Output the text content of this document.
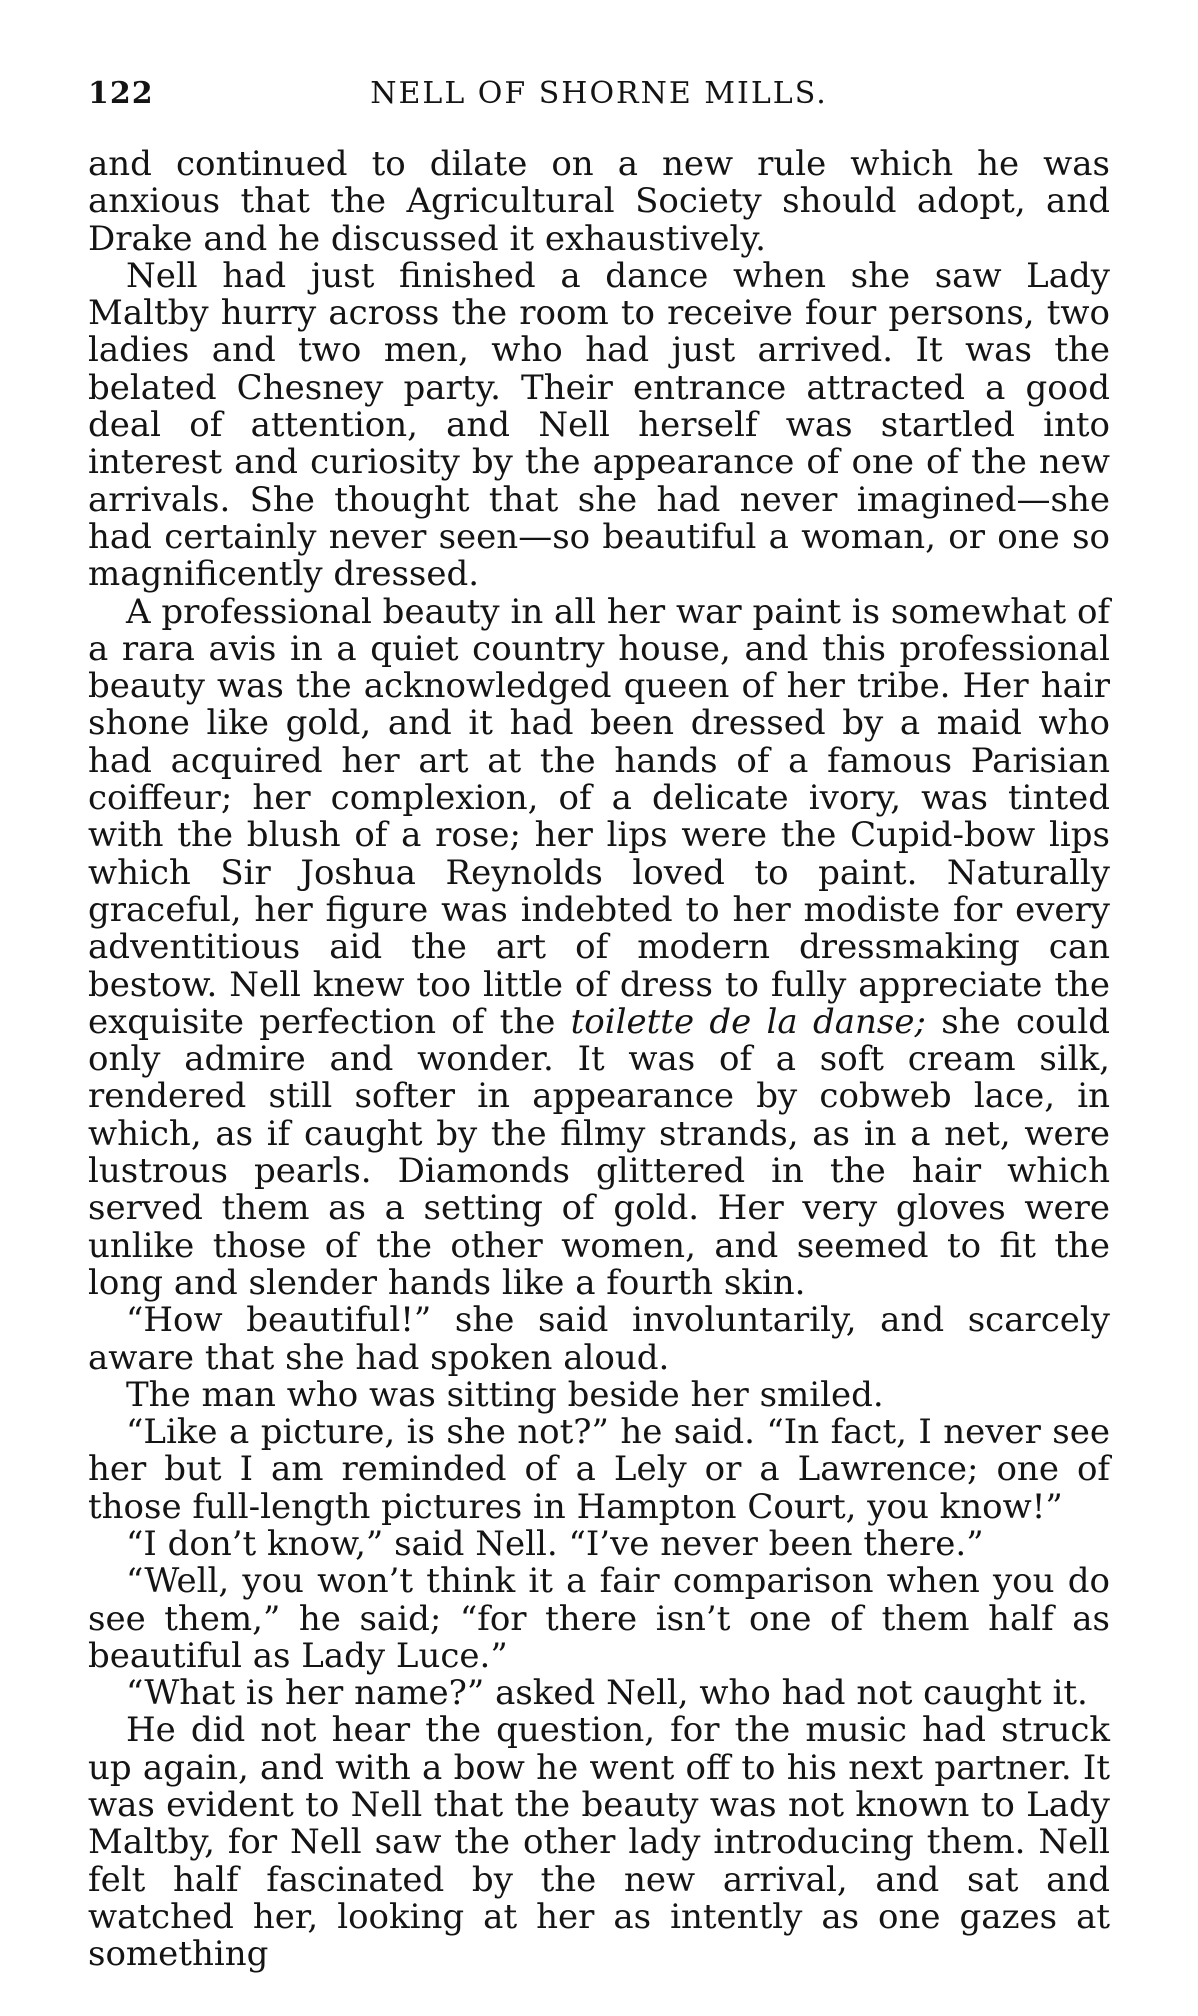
122	NELL OF SHORNE MILLS.

and continued to dilate on a new rule which he was anxious that the Agricultural Society should adopt, and Drake and he discussed it exhaustively.

Nell had just finished a dance when she saw Lady Maltby hurry across the room to receive four persons, two ladies and two men, who had just arrived. It was the belated Chesney party. Their entrance attracted a good deal of attention, and Nell herself was startled into interest and curiosity by the appearance of one of the new arrivals. She thought that she had never imagined—she had certainly never seen—so beautiful a woman, or one so magnificently dressed.

A professional beauty in all her war paint is somewhat of a rara avis in a quiet country house, and this professional beauty was the acknowledged queen of her tribe. Her hair shone like gold, and it had been dressed by a maid who had acquired her art at the hands of a famous Parisian coiffeur; her complexion, of a delicate ivory, was tinted with the blush of a rose; her lips were the Cupid-bow lips which Sir Joshua Reynolds loved to paint. Naturally graceful, her figure was indebted to her modiste for every adventitious aid the art of modern dressmaking can bestow. Nell knew too little of dress to fully appreciate the exquisite perfection of the toilette de la danse; she could only admire and wonder. It was of a soft cream silk, rendered still softer in appearance by cobweb lace, in which, as if caught by the filmy strands, as in a net, were lustrous pearls. Diamonds glittered in the hair which served them as a setting of gold. Her very gloves were unlike those of the other women, and seemed to fit the long and slender hands like a fourth skin.

“How beautiful!” she said involuntarily, and scarcely aware that she had spoken aloud.

The man who was sitting beside her smiled.

“Like a picture, is she not?” he said. “In fact, I never see her but I am reminded of a Lely or a Lawrence; one of those full-length pictures in Hampton Court, you know!”

“I don’t know,” said Nell. “I’ve never been there.”

“Well, you won’t think it a fair comparison when you do see them,” he said; “for there isn’t one of them half as beautiful as Lady Luce.”

“What is her name?” asked Nell, who had not caught it.

He did not hear the question, for the music had struck up again, and with a bow he went off to his next partner. It was evident to Nell that the beauty was not known to Lady Maltby, for Nell saw the other lady introducing them. Nell felt half fascinated by the new arrival, and sat and watched her, looking at her as intently as one gazes at something
